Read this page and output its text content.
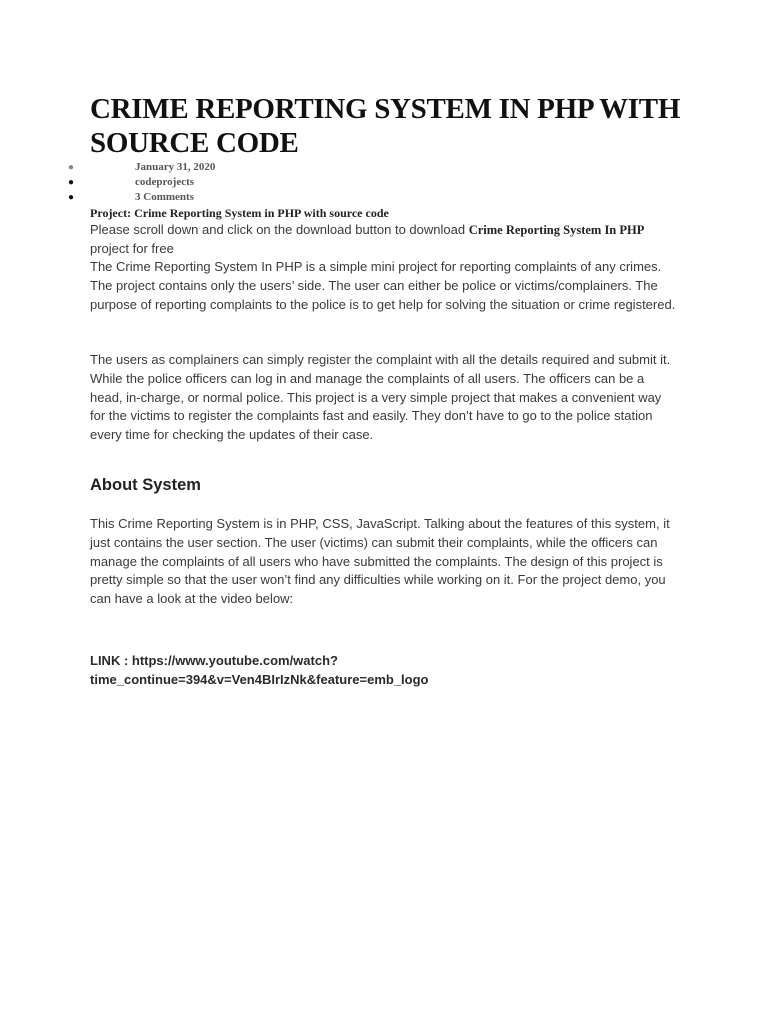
CRIME REPORTING SYSTEM IN PHP WITH SOURCE CODE
●	January 31, 2020
●	codeprojects
●	3 Comments
Project: Crime Reporting System in PHP with source code

Please scroll down and click on the download button to download Crime Reporting System In PHP project for free

The Crime Reporting System In PHP is a simple mini project for reporting complaints of any crimes. The project contains only the users’ side. The user can either be police or victims/complainers. The purpose of reporting complaints to the police is to get help for solving the situation or crime registered.

The users as complainers can simply register the complaint with all the details required and submit it. While the police officers can log in and manage the complaints of all users. The officers can be a head, in-charge, or normal police. This project is a very simple project that makes a convenient way for the victims to register the complaints fast and easily. They don’t have to go to the police station every time for checking the updates of their case.

About System

This Crime Reporting System is in PHP, CSS, JavaScript. Talking about the features of this system, it just contains the user section. The user (victims) can submit their complaints, while the officers can manage the complaints of all users who have submitted the complaints. The design of this project is pretty simple so that the user won’t find any difficulties while working on it. For the project demo, you can have a look at the video below:

LINK : https://www.youtube.com/watch?
time_continue=394&v=Ven4BIrIzNk&feature=emb_logo
